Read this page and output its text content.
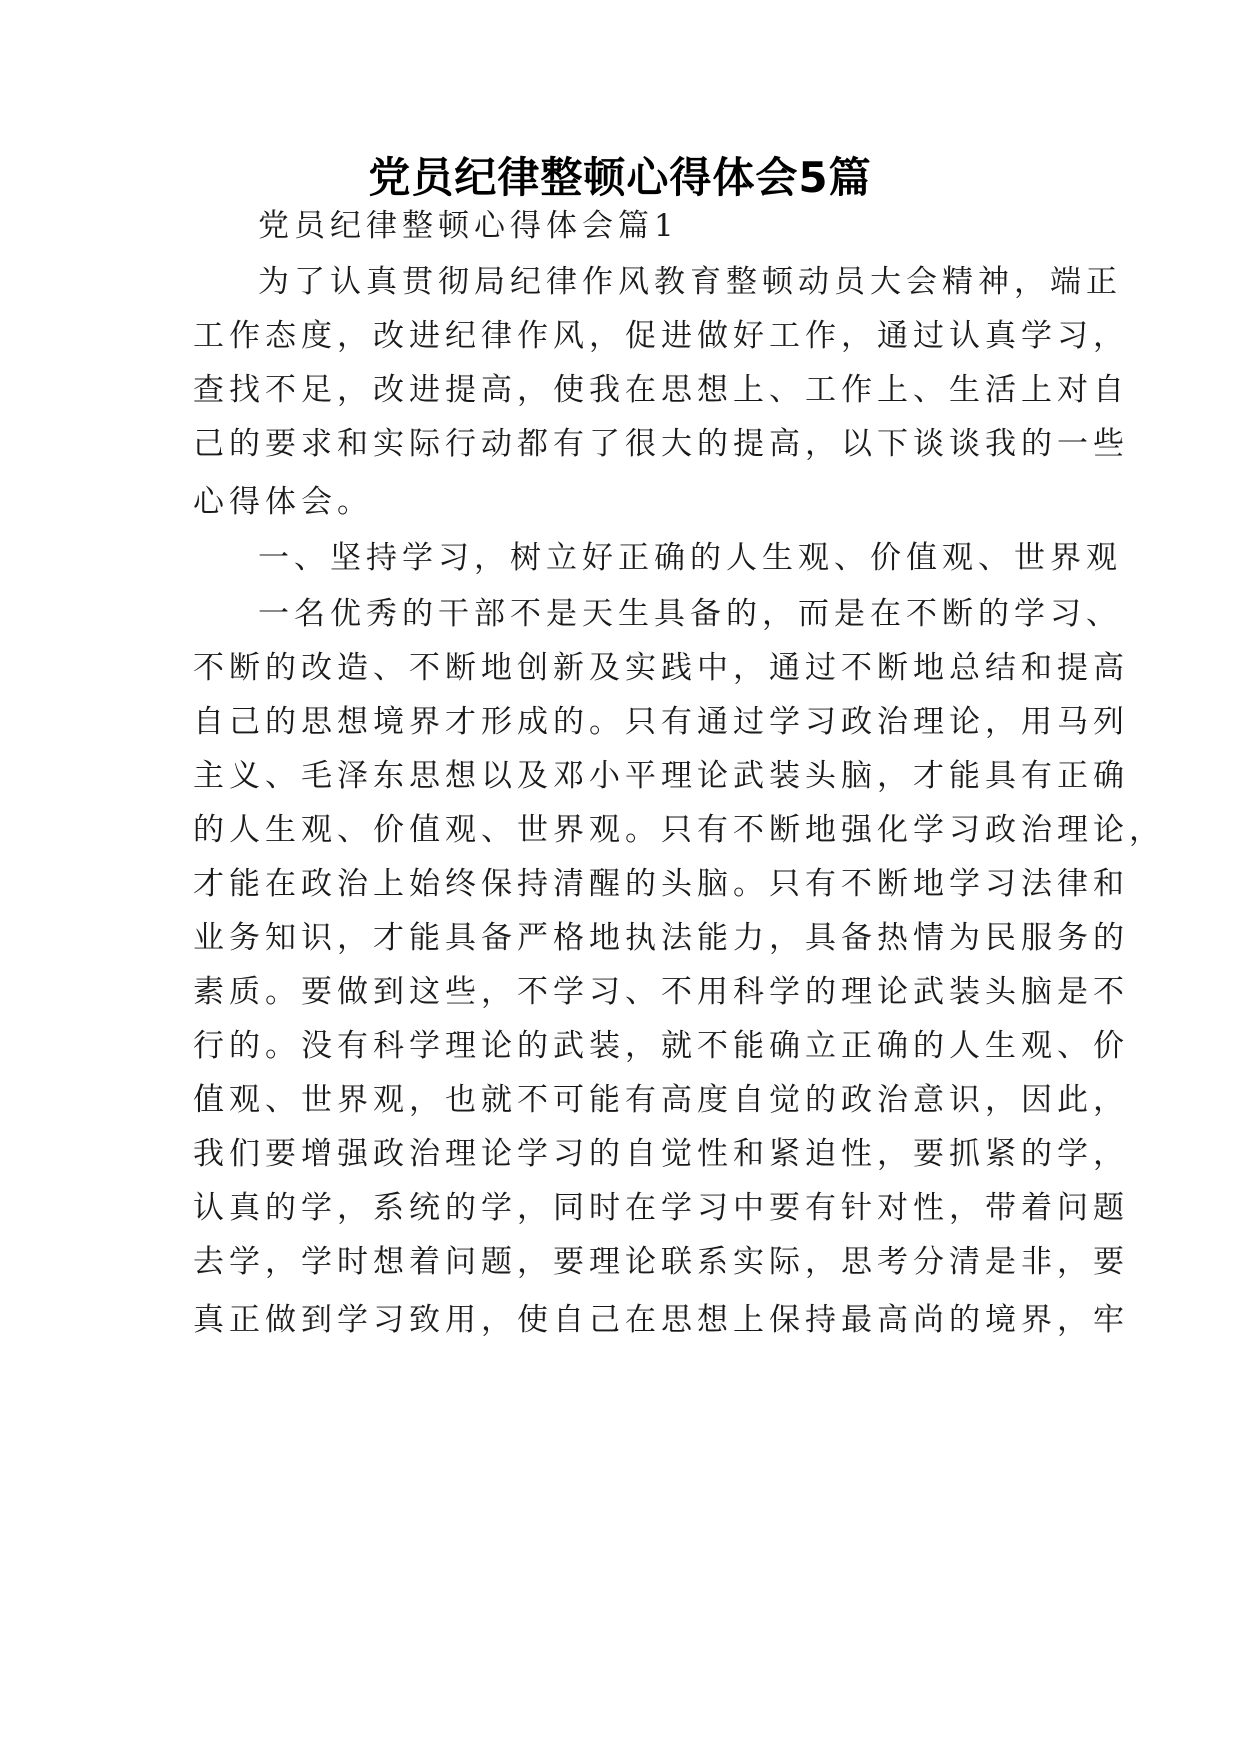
党员纪律整顿心得体会5篇
党员纪律整顿心得体会篇1
为了认真贯彻局纪律作风教育整顿动员大会精神，端正
工作态度，改进纪律作风，促进做好工作，通过认真学习，
查找不足，改进提高，使我在思想上、工作上、生活上对自
己的要求和实际行动都有了很大的提高，以下谈谈我的一些
心得体会。
一、坚持学习，树立好正确的人生观、价值观、世界观
一名优秀的干部不是天生具备的，而是在不断的学习、
不断的改造、不断地创新及实践中，通过不断地总结和提高
自己的思想境界才形成的。只有通过学习政治理论，用马列
主义、毛泽东思想以及邓小平理论武装头脑，才能具有正确
的人生观、价值观、世界观。只有不断地强化学习政治理论，
才能在政治上始终保持清醒的头脑。只有不断地学习法律和
业务知识，才能具备严格地执法能力，具备热情为民服务的
素质。要做到这些，不学习、不用科学的理论武装头脑是不
行的。没有科学理论的武装，就不能确立正确的人生观、价
值观、世界观，也就不可能有高度自觉的政治意识，因此，
我们要增强政治理论学习的自觉性和紧迫性，要抓紧的学，
认真的学，系统的学，同时在学习中要有针对性，带着问题
去学，学时想着问题，要理论联系实际，思考分清是非，要
真正做到学习致用，使自己在思想上保持最高尚的境界，牢
